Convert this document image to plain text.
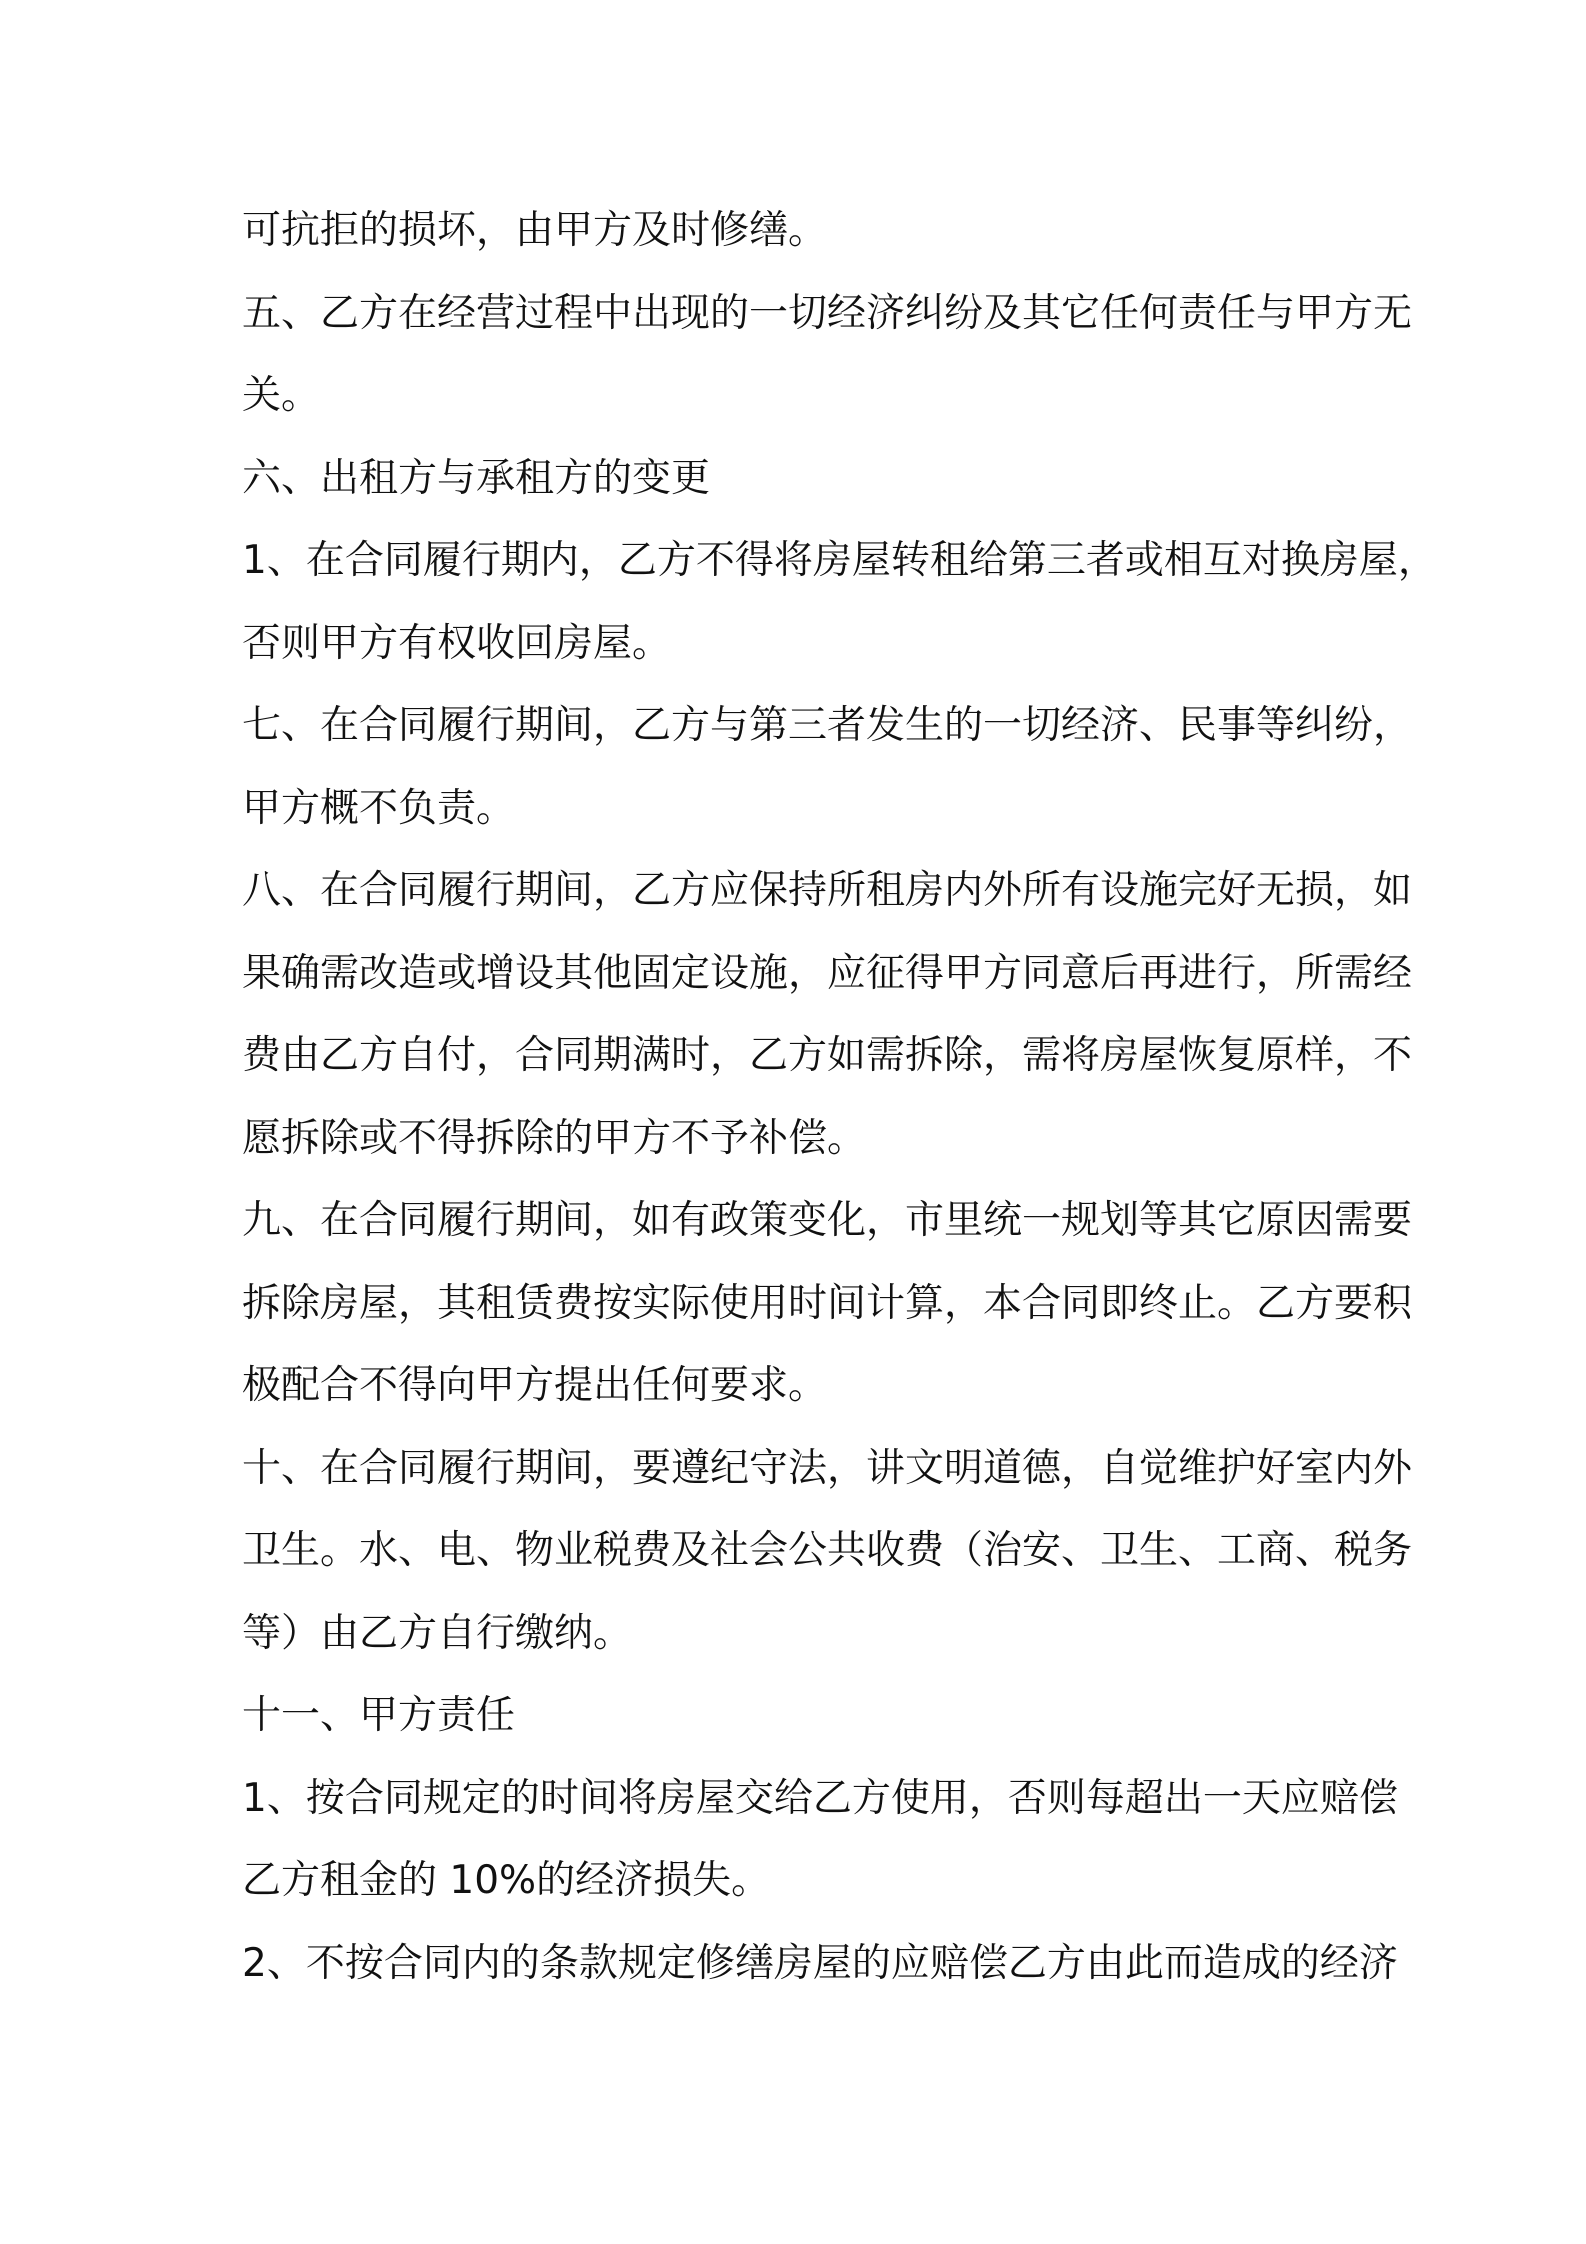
可抗拒的损坏，由甲方及时修缮。
五、乙方在经营过程中出现的一切经济纠纷及其它任何责任与甲方无
关。
六、出租方与承租方的变更
1、在合同履行期内，乙方不得将房屋转租给第三者或相互对换房屋，
否则甲方有权收回房屋。
七、在合同履行期间，乙方与第三者发生的一切经济、民事等纠纷，
甲方概不负责。
八、在合同履行期间，乙方应保持所租房内外所有设施完好无损，如
果确需改造或增设其他固定设施，应征得甲方同意后再进行，所需经
费由乙方自付，合同期满时，乙方如需拆除，需将房屋恢复原样，不
愿拆除或不得拆除的甲方不予补偿。
九、在合同履行期间，如有政策变化，市里统一规划等其它原因需要
拆除房屋，其租赁费按实际使用时间计算，本合同即终止。乙方要积
极配合不得向甲方提出任何要求。
十、在合同履行期间，要遵纪守法，讲文明道德，自觉维护好室内外
卫生。水、电、物业税费及社会公共收费（治安、卫生、工商、税务
等）由乙方自行缴纳。
十一、甲方责任
1、按合同规定的时间将房屋交给乙方使用，否则每超出一天应赔偿
乙方租金的 10%的经济损失。
2、不按合同内的条款规定修缮房屋的应赔偿乙方由此而造成的经济
